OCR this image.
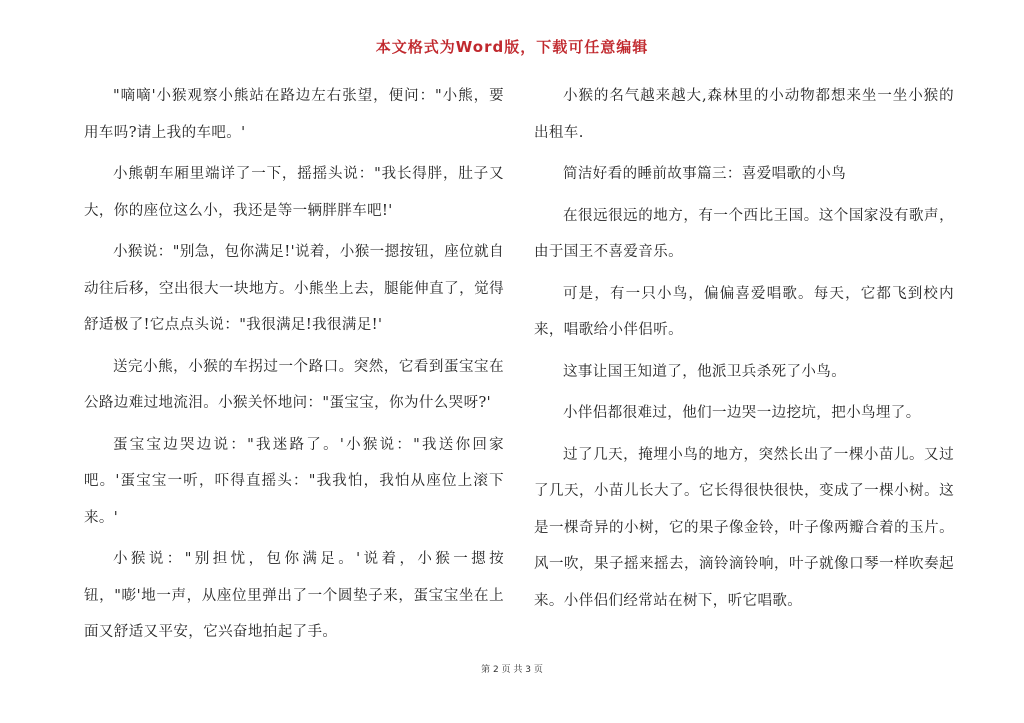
本文格式为Word版，下载可任意编辑

"嘀嘀'小猴观察小熊站在路边左右张望，便问："小熊，要用车吗?请上我的车吧。'

小熊朝车厢里端详了一下，摇摇头说："我长得胖，肚子又大，你的座位这么小，我还是等一辆胖胖车吧!'

小猴说："别急，包你满足!'说着，小猴一摁按钮，座位就自动往后移，空出很大一块地方。小熊坐上去，腿能伸直了，觉得舒适极了!它点点头说："我很满足!我很满足!'

送完小熊，小猴的车拐过一个路口。突然，它看到蛋宝宝在公路边难过地流泪。小猴关怀地问："蛋宝宝，你为什么哭呀?'

蛋宝宝边哭边说："我迷路了。'小猴说："我送你回家吧。'蛋宝宝一听，吓得直摇头："我我怕，我怕从座位上滚下来。'

小猴说："别担忧，包你满足。'说着，小猴一摁按钮，"嘭'地一声，从座位里弹出了一个圆垫子来，蛋宝宝坐在上面又舒适又平安，它兴奋地拍起了手。

小猴的名气越来越大,森林里的小动物都想来坐一坐小猴的出租车.

简洁好看的睡前故事篇三：喜爱唱歌的小鸟

在很远很远的地方，有一个西比王国。这个国家没有歌声，由于国王不喜爱音乐。

可是，有一只小鸟，偏偏喜爱唱歌。每天，它都飞到校内来，唱歌给小伴侣听。

这事让国王知道了，他派卫兵杀死了小鸟。

小伴侣都很难过，他们一边哭一边挖坑，把小鸟埋了。

过了几天，掩埋小鸟的地方，突然长出了一棵小苗儿。又过了几天，小苗儿长大了。它长得很快很快，变成了一棵小树。这是一棵奇异的小树，它的果子像金铃，叶子像两瓣合着的玉片。风一吹，果子摇来摇去，滴铃滴铃响，叶子就像口琴一样吹奏起来。小伴侣们经常站在树下，听它唱歌。

第 2 页 共 3 页
